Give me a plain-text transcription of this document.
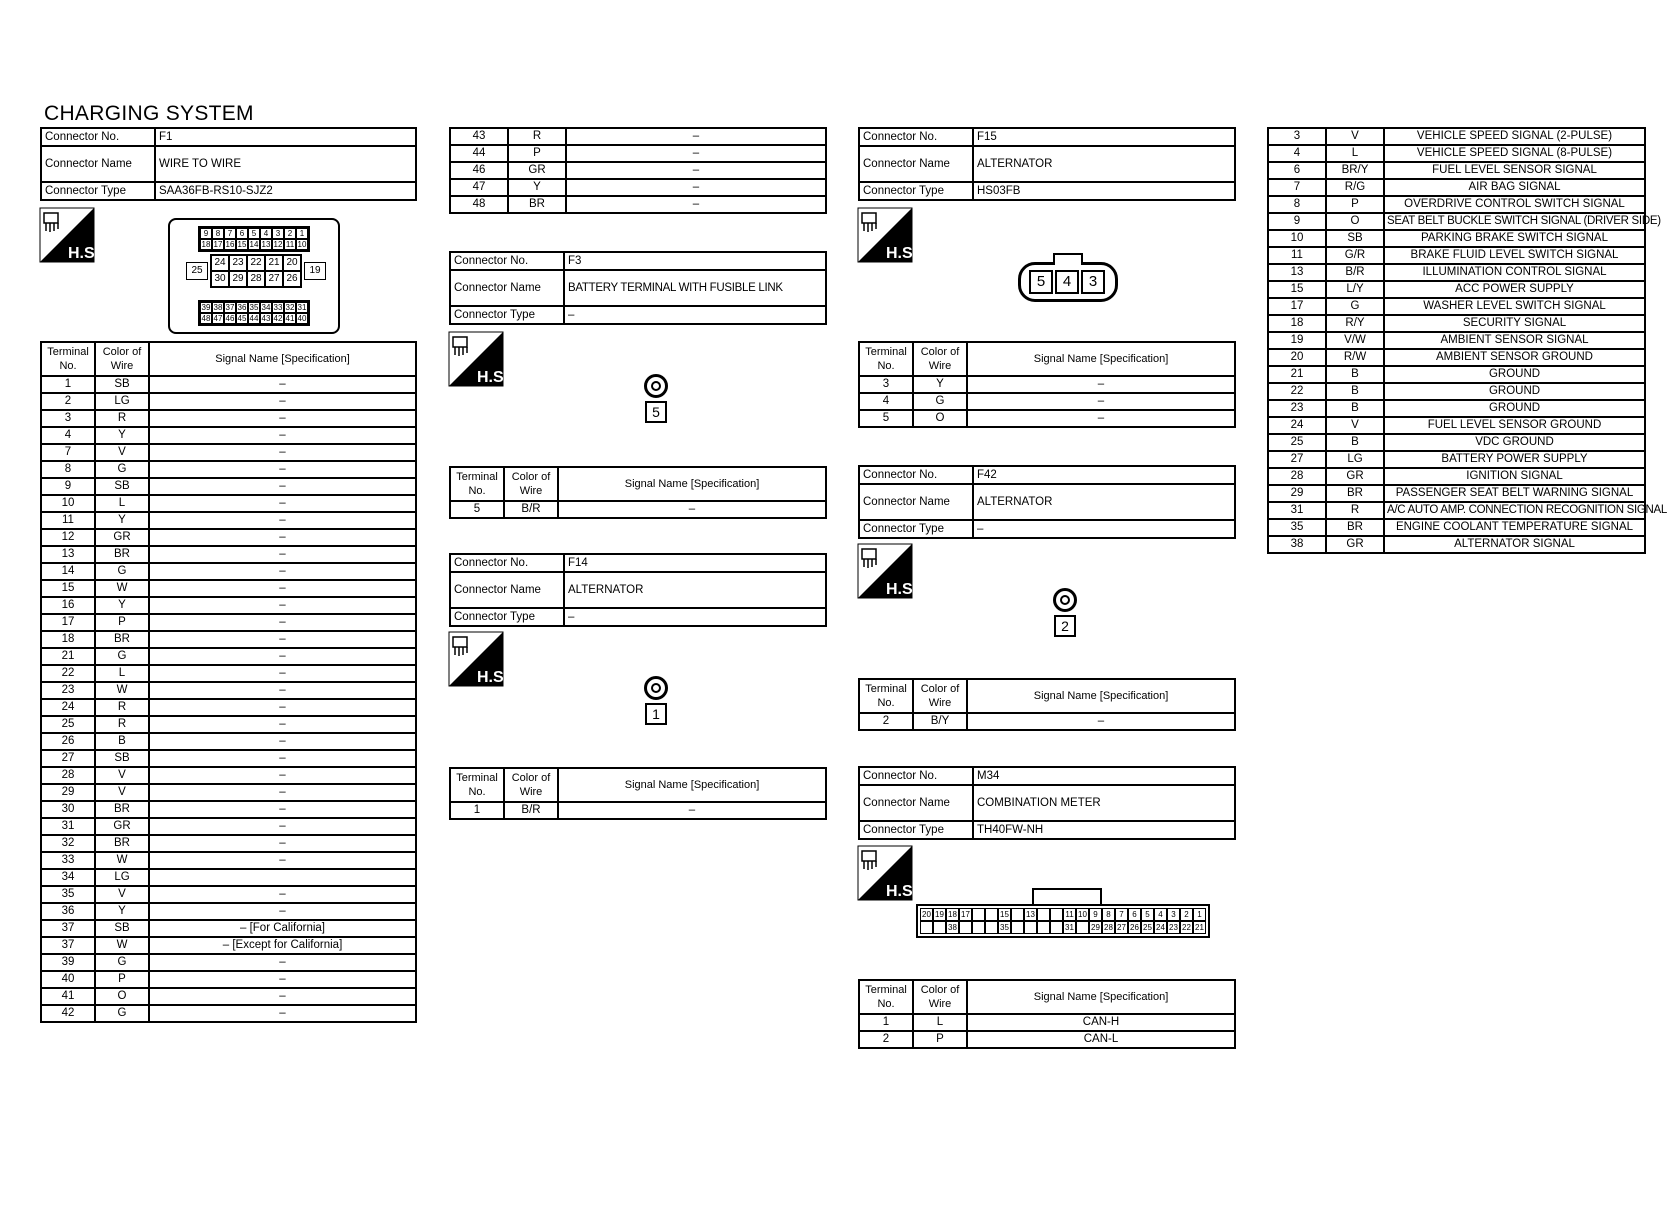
CHARGING SYSTEM
Connector No.	F1
Connector Name	WIRE TO WIRE
Connector Type	SAA36FB-RS10-SJZ2
H.S.
9 8 7 6 5 4 3 2 1
18 17 16 15 14 13 12 11 10
25
24 23 22 21 20
30 29 28 27 26
19
39 38 37 36 35 34 33 32 31
48 47 46 45 44 43 42 41 40
Terminal No.	Color of Wire	Signal Name [Specification]
1	SB	–
2	LG	–
3	R	–
4	Y	–
7	V	–
8	G	–
9	SB	–
10	L	–
11	Y	–
12	GR	–
13	BR	–
14	G	–
15	W	–
16	Y	–
17	P	–
18	BR	–
21	G	–
22	L	–
23	W	–
24	R	–
25	R	–
26	B	–
27	SB	–
28	V	–
29	V	–
30	BR	–
31	GR	–
32	BR	–
33	W	–
34	LG	
35	V	–
36	Y	–
37	SB	– [For California]
37	W	– [Except for California]
39	G	–
40	P	–
41	O	–
42	G	–
43	R	–
44	P	–
46	GR	–
47	Y	–
48	BR	–
Connector No.	F3
Connector Name	BATTERY TERMINAL WITH FUSIBLE LINK
Connector Type	–
H.S.
5
Terminal No.	Color of Wire	Signal Name [Specification]
5	B/R	–
Connector No.	F14
Connector Name	ALTERNATOR
Connector Type	–
H.S.
1
Terminal No.	Color of Wire	Signal Name [Specification]
1	B/R	–
Connector No.	F15
Connector Name	ALTERNATOR
Connector Type	HS03FB
H.S.
5	4	3
Terminal No.	Color of Wire	Signal Name [Specification]
3	Y	–
4	G	–
5	O	–
Connector No.	F42
Connector Name	ALTERNATOR
Connector Type	–
H.S.
2
Terminal No.	Color of Wire	Signal Name [Specification]
2	B/Y	–
Connector No.	M34
Connector Name	COMBINATION METER
Connector Type	TH40FW-NH
H.S.
20 19 18 17	15 13	11 10 9	8	7	6	5	4	3	2	1
38	35	31 29 28 27 26 25 24 23 22 21
Terminal No.	Color of Wire	Signal Name [Specification]
1	L	CAN-H
2	P	CAN-L
3	V	VEHICLE SPEED SIGNAL (2-PULSE)
4	L	VEHICLE SPEED SIGNAL (8-PULSE)
6	BR/Y	FUEL LEVEL SENSOR SIGNAL
7	R/G	AIR BAG SIGNAL
8	P	OVERDRIVE CONTROL SWITCH SIGNAL
9	O	SEAT BELT BUCKLE SWITCH SIGNAL (DRIVER SIDE)
10	SB	PARKING BRAKE SWITCH SIGNAL
11	G/R	BRAKE FLUID LEVEL SWITCH SIGNAL
13	B/R	ILLUMINATION CONTROL SIGNAL
15	L/Y	ACC POWER SUPPLY
17	G	WASHER LEVEL SWITCH SIGNAL
18	R/Y	SECURITY SIGNAL
19	V/W	AMBIENT SENSOR SIGNAL
20	R/W	AMBIENT SENSOR GROUND
21	B	GROUND
22	B	GROUND
23	B	GROUND
24	V	FUEL LEVEL SENSOR GROUND
25	B	VDC GROUND
27	LG	BATTERY POWER SUPPLY
28	GR	IGNITION SIGNAL
29	BR	PASSENGER SEAT BELT WARNING SIGNAL
31	R	A/C AUTO AMP. CONNECTION RECOGNITION SIGNAL
35	BR	ENGINE COOLANT TEMPERATURE SIGNAL
38	GR	ALTERNATOR SIGNAL
